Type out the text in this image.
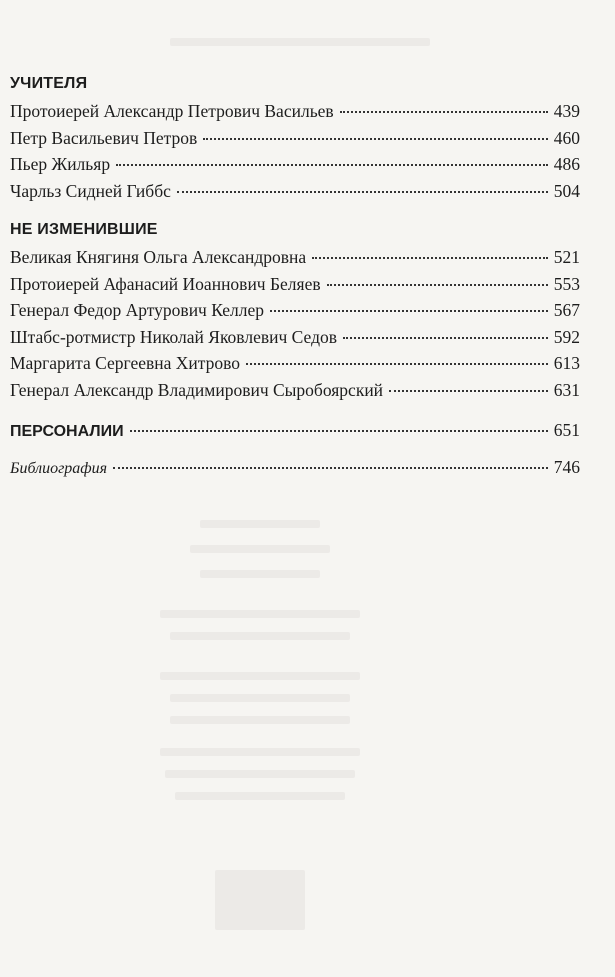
УЧИТЕЛЯ
Протоиерей Александр Петрович Васильев	439
Петр Васильевич Петров	460
Пьер Жильяр	486
Чарльз Сидней Гиббс	504
НЕ ИЗМЕНИВШИЕ
Великая Княгиня Ольга Александровна	521
Протоиерей Афанасий Иоаннович Беляев	553
Генерал Федор Артурович Келлер	567
Штабс-ротмистр Николай Яковлевич Седов	592
Маргарита Сергеевна Хитрово	613
Генерал Александр Владимирович Сыробоярский	631
ПЕРСОНАЛИИ	651
Библиография	746
